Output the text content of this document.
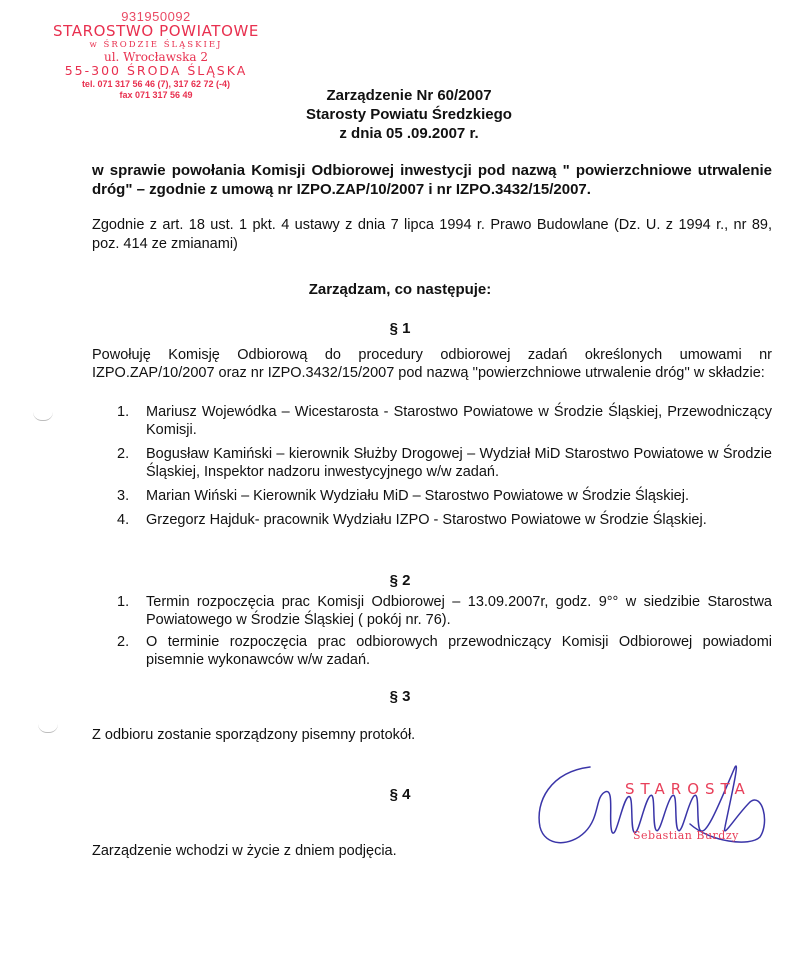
931950092
STAROSTWO POWIATOWE
w ŚRODZIE ŚLĄSKIEJ
ul. Wrocławska 2
55-300 ŚRODA ŚLĄSKA
tel. 071 317 56 46 (7), 317 62 72 (-4)
fax 071 317 56 49	Zarządzenie Nr 60/2007
Starosty Powiatu Średzkiego
z dnia 05 .09.2007 r.
w sprawie powołania Komisji Odbiorowej inwestycji pod nazwą " powierzchniowe utrwalenie dróg" – zgodnie z umową nr IZPO.ZAP/10/2007 i nr IZPO.3432/15/2007.
Zgodnie z art. 18 ust. 1 pkt. 4 ustawy z dnia 7 lipca 1994 r. Prawo Budowlane (Dz. U. z 1994 r., nr 89, poz. 414 ze zmianami)
Zarządzam, co następuje:
§ 1
Powołuję Komisję Odbiorową do procedury odbiorowej zadań określonych umowami nr IZPO.ZAP/10/2007 oraz nr IZPO.3432/15/2007 pod nazwą ''powierzchniowe utrwalenie dróg'' w składzie:
1. Mariusz Wojewódka – Wicestarosta - Starostwo Powiatowe w Środzie Śląskiej, Przewodniczący Komisji.
2. Bogusław Kamiński – kierownik Służby Drogowej – Wydział MiD Starostwo Powiatowe w Środzie Śląskiej, Inspektor nadzoru inwestycyjnego w/w zadań.
3. Marian Wiński – Kierownik Wydziału MiD – Starostwo Powiatowe w Środzie Śląskiej.
4. Grzegorz Hajduk- pracownik Wydziału IZPO - Starostwo Powiatowe w Środzie Śląskiej.
§ 2
1. Termin rozpoczęcia prac Komisji Odbiorowej – 13.09.2007r, godz. 9°° w siedzibie Starostwa Powiatowego w Środzie Śląskiej ( pokój nr. 76).
2. O terminie rozpoczęcia prac odbiorowych przewodniczący Komisji Odbiorowej powiadomi pisemnie wykonawców w/w zadań.
§ 3
Z odbioru zostanie sporządzony pisemny protokół.
§ 4
Zarządzenie wchodzi w życie z dniem podjęcia.
STAROSTA
Sebastian Burdzy
